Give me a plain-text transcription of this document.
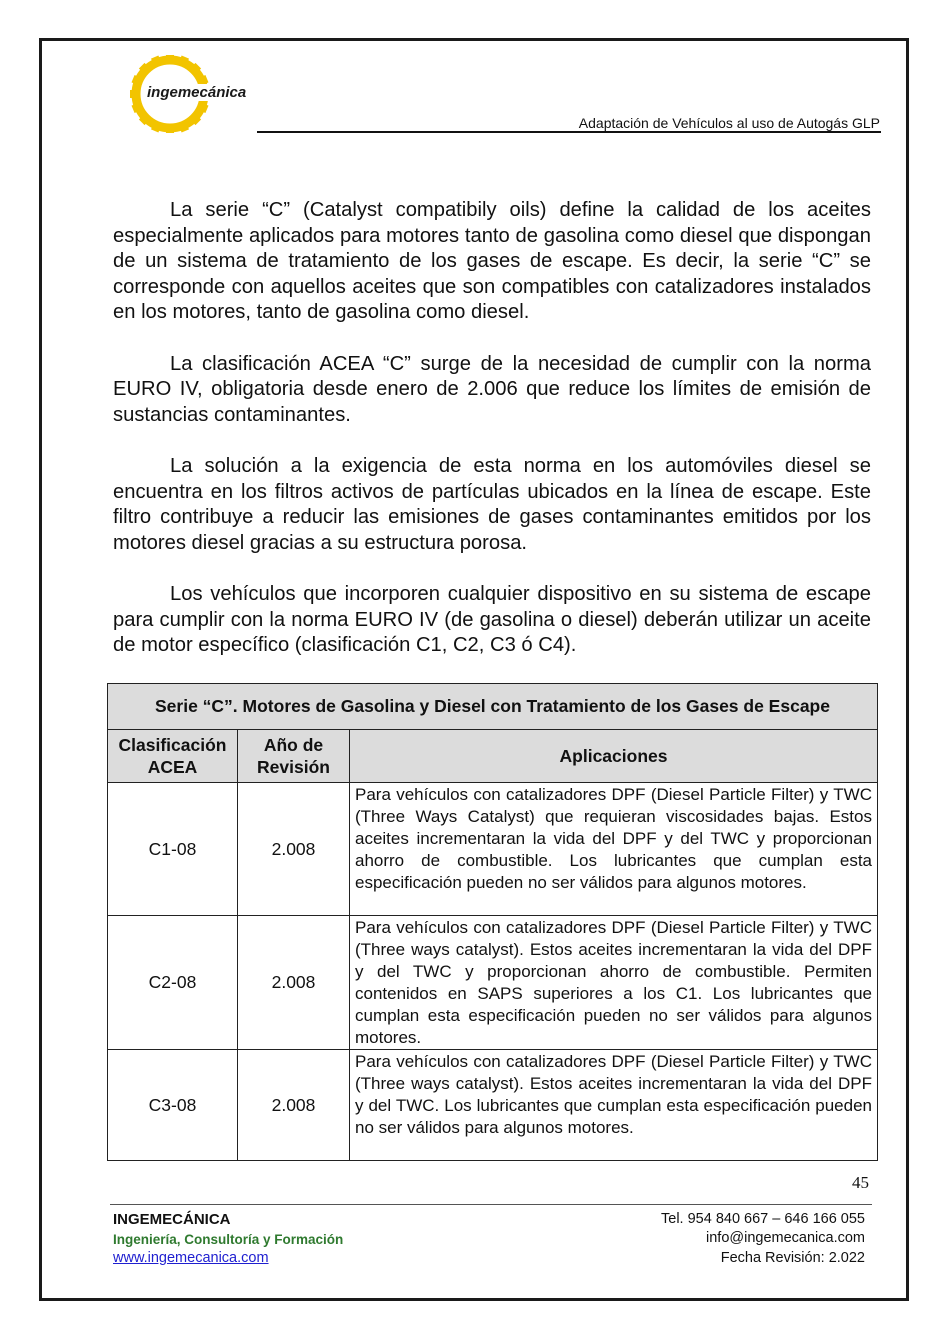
ingemecánica
Adaptación de Vehículos al uso de Autogás GLP

La serie “C” (Catalyst compatibily oils) define la calidad de los aceites especialmente aplicados para motores tanto de gasolina como diesel que dispongan de un sistema de tratamiento de los gases de escape. Es decir, la serie “C” se corresponde con aquellos aceites que son compatibles con catalizadores instalados en los motores, tanto de gasolina como diesel.

La clasificación ACEA “C” surge de la necesidad de cumplir con la norma EURO IV, obligatoria desde enero de 2.006 que reduce los límites de emisión de sustancias contaminantes.

La solución a la exigencia de esta norma en los automóviles diesel se encuentra en los filtros activos de partículas ubicados en la línea de escape. Este filtro contribuye a reducir las emisiones de gases contaminantes emitidos por los motores diesel gracias a su estructura porosa.

Los vehículos que incorporen cualquier dispositivo en su sistema de escape para cumplir con la norma EURO IV (de gasolina o diesel) deberán utilizar un aceite de motor específico (clasificación C1, C2, C3 ó C4).

Serie “C”. Motores de Gasolina y Diesel con Tratamiento de los Gases de Escape		
Clasificación ACEA	Año de Revisión	Aplicaciones
C1-08	2.008	Para vehículos con catalizadores DPF (Diesel Particle Filter) y TWC (Three Ways Catalyst) que requieran viscosidades bajas. Estos aceites incrementaran la vida del DPF y del TWC y proporcionan ahorro de combustible. Los lubricantes que cumplan esta especificación pueden no ser válidos para algunos motores.
C2-08	2.008	Para vehículos con catalizadores DPF (Diesel Particle Filter) y TWC (Three ways catalyst). Estos aceites incrementaran la vida del DPF y del TWC y proporcionan ahorro de combustible. Permiten contenidos en SAPS superiores a los C1. Los lubricantes que cumplan esta especificación pueden no ser válidos para algunos motores.
C3-08	2.008	Para vehículos con catalizadores DPF (Diesel Particle Filter) y TWC (Three ways catalyst). Estos aceites incrementaran la vida del DPF y del TWC. Los lubricantes que cumplan esta especificación pueden no ser válidos para algunos motores.
45
INGEMECÁNICA
Ingeniería, Consultoría y Formación
www.ingemecanica.com
Tel. 954 840 667 – 646 166 055
info@ingemecanica.com
Fecha Revisión: 2.022
